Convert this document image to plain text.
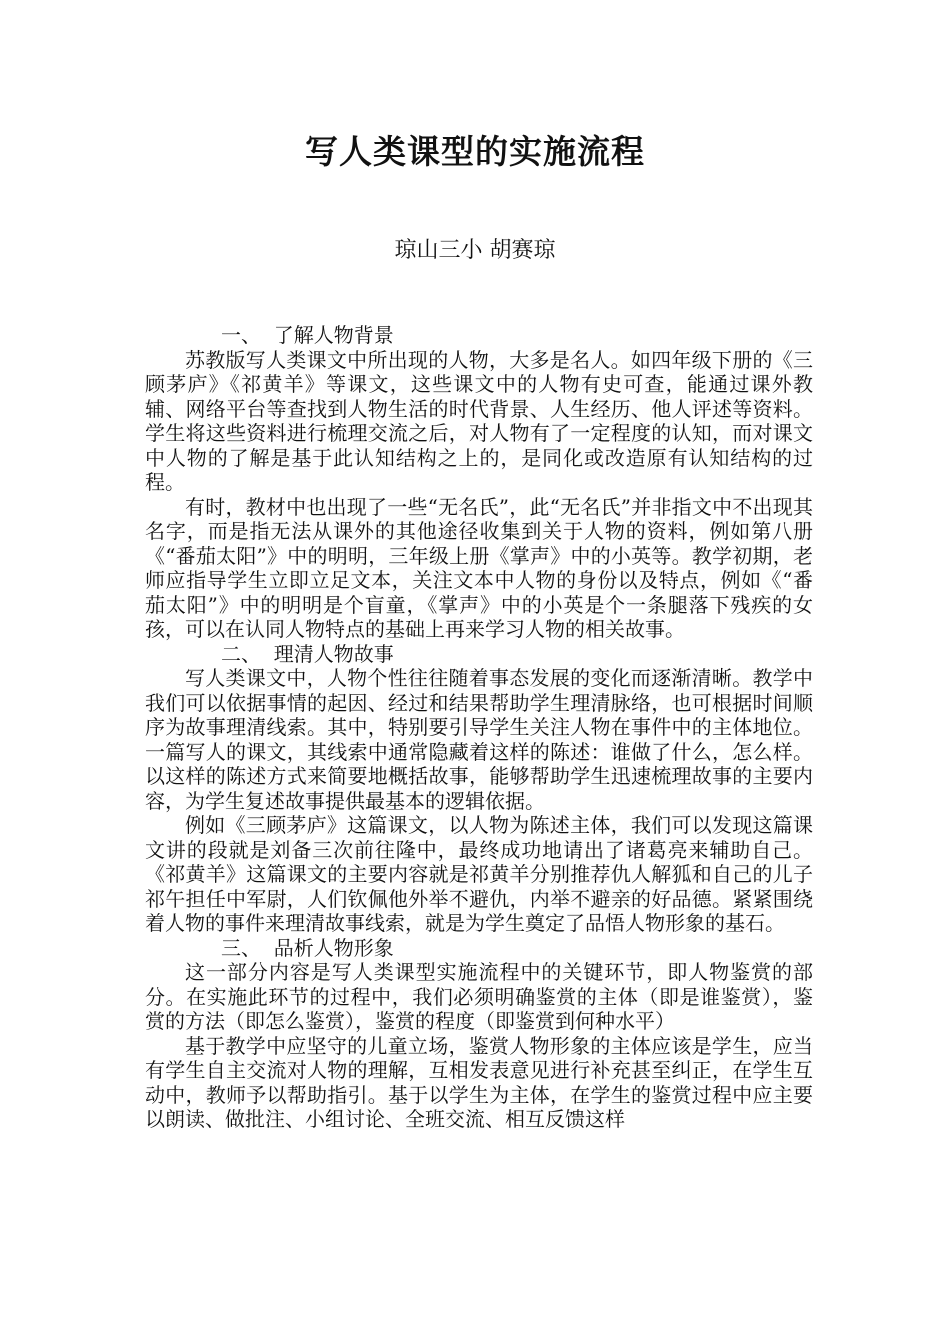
写人类课型的实施流程

琼山三小 胡赛琼

一、  了解人物背景

苏教版写人类课文中所出现的人物，大多是名人。如四年级下册的《三顾茅庐》《祁黄羊》等课文，这些课文中的人物有史可查，能通过课外教辅、网络平台等查找到人物生活的时代背景、人生经历、他人评述等资料。学生将这些资料进行梳理交流之后，对人物有了一定程度的认知，而对课文中人物的了解是基于此认知结构之上的，是同化或改造原有认知结构的过程。

有时，教材中也出现了一些“无名氏”，此“无名氏”并非指文中不出现其名字，而是指无法从课外的其他途径收集到关于人物的资料，例如第八册《“番茄太阳”》中的明明，三年级上册《掌声》中的小英等。教学初期，老师应指导学生立即立足文本，关注文本中人物的身份以及特点，例如《“番茄太阳”》中的明明是个盲童，《掌声》中的小英是个一条腿落下残疾的女孩，可以在认同人物特点的基础上再来学习人物的相关故事。

二、  理清人物故事

写人类课文中，人物个性往往随着事态发展的变化而逐渐清晰。教学中我们可以依据事情的起因、经过和结果帮助学生理清脉络，也可根据时间顺序为故事理清线索。其中，特别要引导学生关注人物在事件中的主体地位。一篇写人的课文，其线索中通常隐藏着这样的陈述：谁做了什么，怎么样。以这样的陈述方式来简要地概括故事，能够帮助学生迅速梳理故事的主要内容，为学生复述故事提供最基本的逻辑依据。

例如《三顾茅庐》这篇课文，以人物为陈述主体，我们可以发现这篇课文讲的段就是刘备三次前往隆中，最终成功地请出了诸葛亮来辅助自己。《祁黄羊》这篇课文的主要内容就是祁黄羊分别推荐仇人解狐和自己的儿子祁午担任中军尉，人们钦佩他外举不避仇，内举不避亲的好品德。紧紧围绕着人物的事件来理清故事线索，就是为学生奠定了品悟人物形象的基石。

三、  品析人物形象

这一部分内容是写人类课型实施流程中的关键环节，即人物鉴赏的部分。在实施此环节的过程中，我们必须明确鉴赏的主体（即是谁鉴赏），鉴赏的方法（即怎么鉴赏），鉴赏的程度（即鉴赏到何种水平）

基于教学中应坚守的儿童立场，鉴赏人物形象的主体应该是学生，应当有学生自主交流对人物的理解，互相发表意见进行补充甚至纠正，在学生互动中，教师予以帮助指引。基于以学生为主体，在学生的鉴赏过程中应主要以朗读、做批注、小组讨论、全班交流、相互反馈这样
